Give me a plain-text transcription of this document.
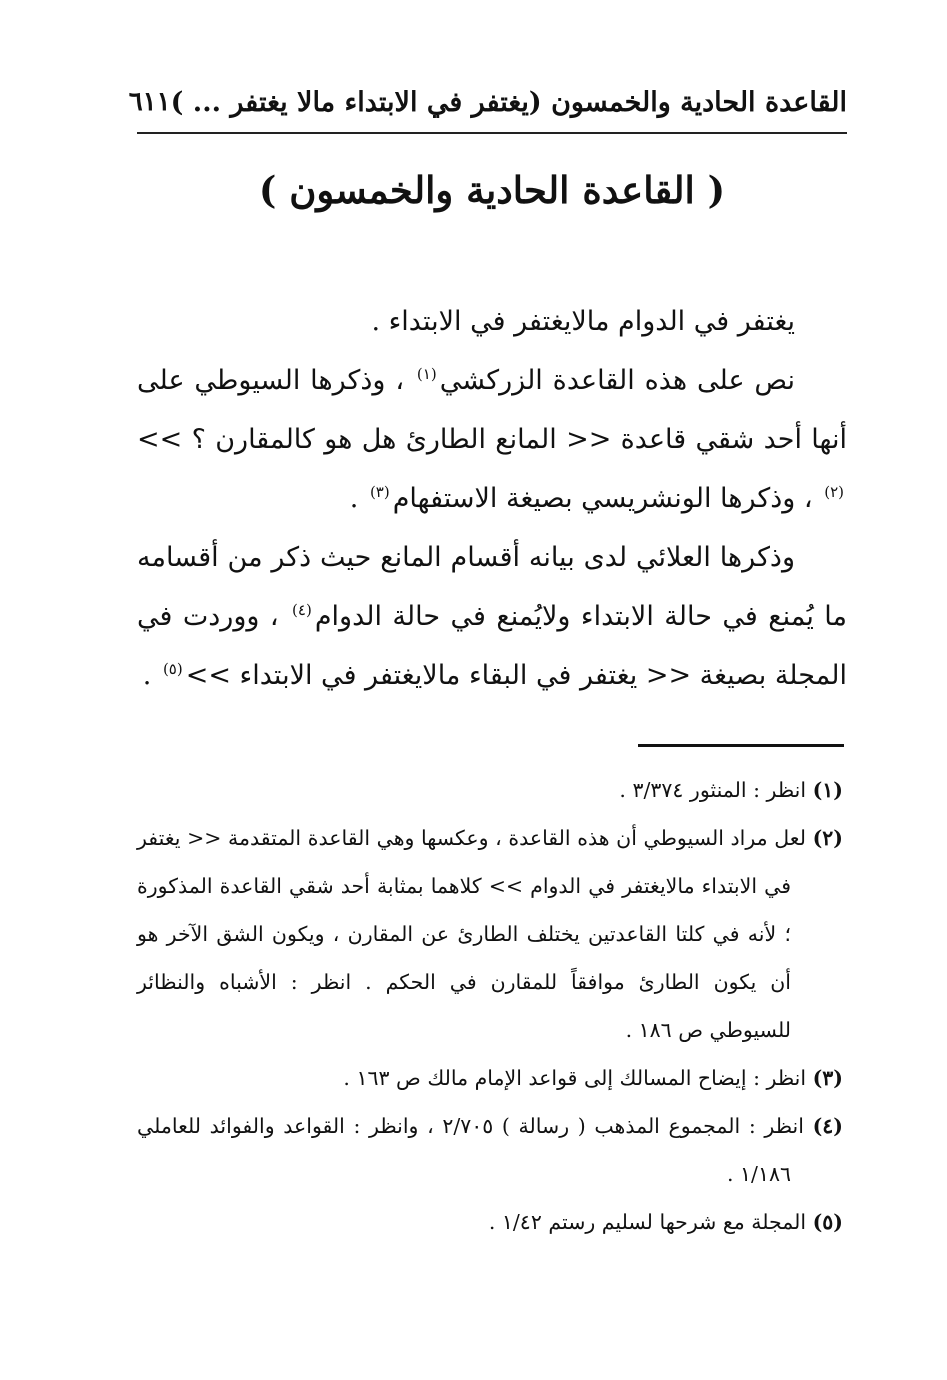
القاعدة الحادية والخمسون (يغتفر في الابتداء مالا يغتفر ... )
٦١١
( القاعدة الحادية والخمسون )

يغتفر في الدوام مالايغتفر في الابتداء .

نص على هذه القاعدة الزركشي$^{(١)}$ ، وذكرها السيوطي على أنها أحد شقي قاعدة << المانع الطارئ هل هو كالمقارن ؟ >>$^{(٢)}$ ، وذكرها الونشريسي بصيغة الاستفهام$^{(٣)}$ .

وذكرها العلائي لدى بيانه أقسام المانع حيث ذكر من أقسامه ما يُمنع في حالة الابتداء ولايُمنع في حالة الدوام$^{(٤)}$ ، ووردت في المجلة بصيغة << يغتفر في البقاء مالايغتفر في الابتداء >>$^{(٥)}$ .

(١) انظر : المنثور ٣/٣٧٤ .
(٢) لعل مراد السيوطي أن هذه القاعدة ، وعكسها وهي القاعدة المتقدمة << يغتفر في الابتداء مالايغتفر في الدوام >> كلاهما بمثابة أحد شقي القاعدة المذكورة ؛ لأنه في كلتا القاعدتين يختلف الطارئ عن المقارن ، ويكون الشق الآخر هو أن يكون الطارئ موافقاً للمقارن في الحكم . انظر : الأشباه والنظائر للسيوطي ص ١٨٦ .
(٣) انظر : إيضاح المسالك إلى قواعد الإمام مالك ص ١٦٣ .
(٤) انظر : المجموع المذهب ( رسالة ) ٢/٧٠٥ ، وانظر : القواعد والفوائد للعاملي ١/١٨٦ .
(٥) المجلة مع شرحها لسليم رستم ١/٤٢ .
